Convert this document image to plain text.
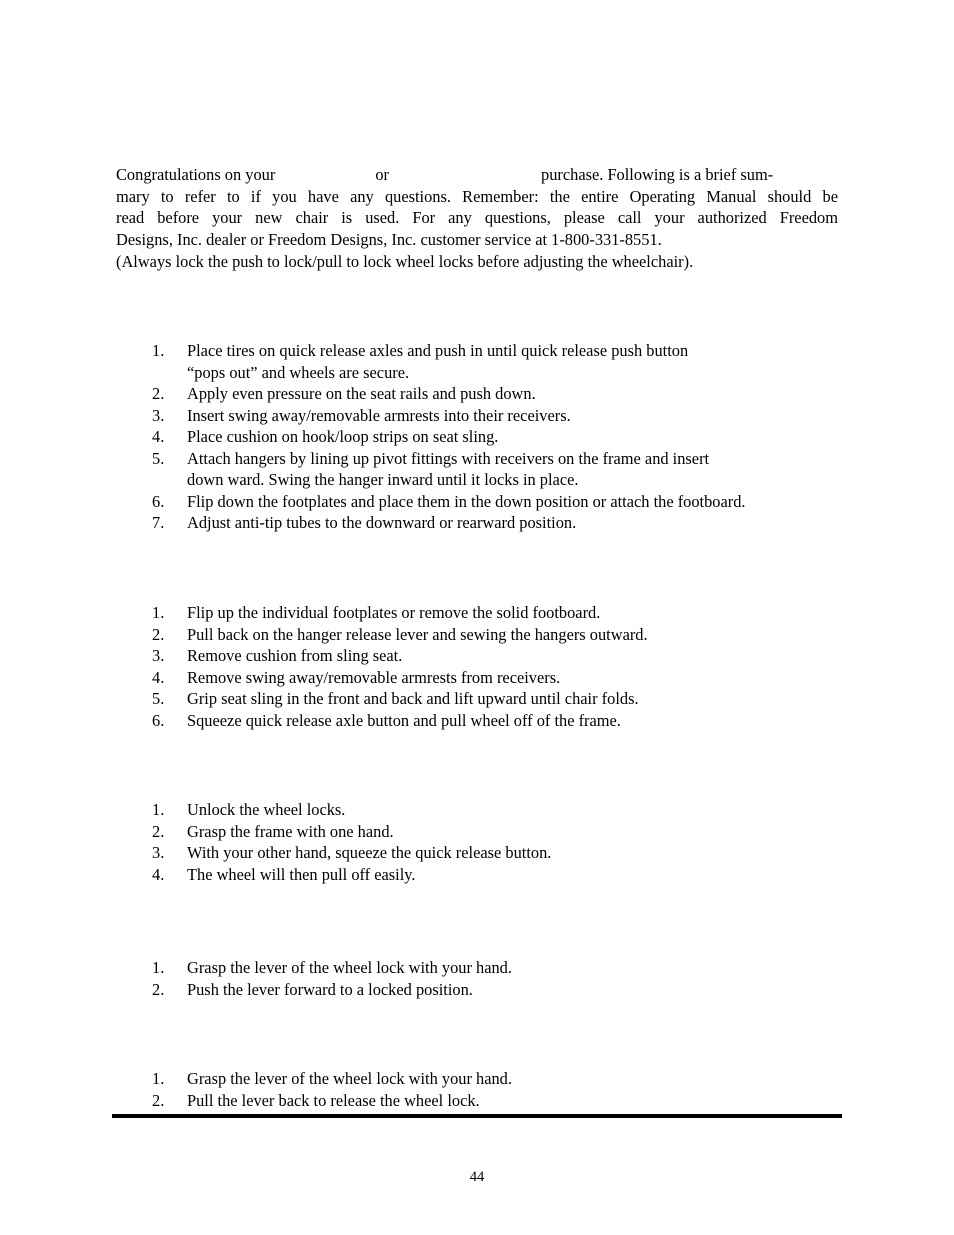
Congratulations on your	or	purchase. Following is a brief sum-
mary to refer to if you have any questions. Remember: the entire Operating Manual should be
read before your new chair is used. For any questions, please call your authorized Freedom
Designs, Inc. dealer or Freedom Designs, Inc. customer service at 1-800-331-8551.
(Always lock the push to lock/pull to lock wheel locks before adjusting the wheelchair).
1.	Place tires on quick release axles and push in until quick release push button
“pops out” and wheels are secure.
2.	Apply even pressure on the seat rails and push down.
3.	Insert swing away/removable armrests into their receivers.
4.	Place cushion on hook/loop strips on seat sling.
5.	Attach hangers by lining up pivot fittings with receivers on the frame and insert
down ward. Swing the hanger inward until it locks in place.
6.	Flip down the footplates and place them in the down position or attach the footboard.
7.	Adjust anti-tip tubes to the downward or rearward position.
1.	Flip up the individual footplates or remove the solid footboard.
2.	Pull back on the hanger release lever and sewing the hangers outward.
3.	Remove cushion from sling seat.
4.	Remove swing away/removable armrests from receivers.
5.	Grip seat sling in the front and back and lift upward until chair folds.
6.	Squeeze quick release axle button and pull wheel off of the frame.
1.	Unlock the wheel locks.
2.	Grasp the frame with one hand.
3.	With your other hand, squeeze the quick release button.
4.	The wheel will then pull off easily.
1.	Grasp the lever of the wheel lock with your hand.
2.	Push the lever forward to a locked position.
1.	Grasp the lever of the wheel lock with your hand.
2.	Pull the lever back to release the wheel lock.
44
